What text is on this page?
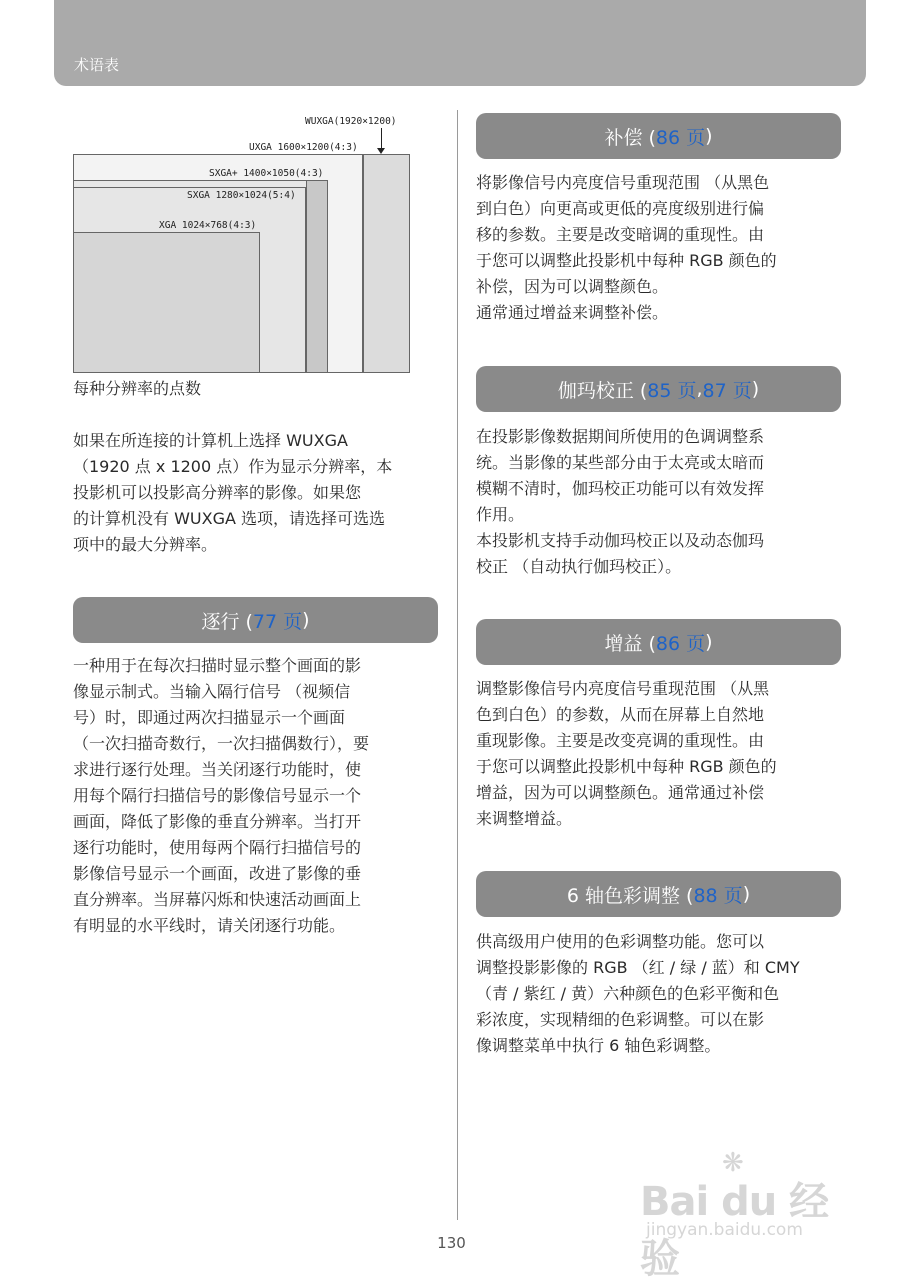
术语表
WUXGA(1920×1200)
UXGA 1600×1200(4:3)
SXGA+ 1400×1050(4:3)
SXGA 1280×1024(5:4)
XGA 1024×768(4:3)
每种分辨率的点数

如果在所连接的计算机上选择 WUXGA
（1920 点 x 1200 点）作为显示分辨率，本
投影机可以投影高分辨率的影像。如果您
的计算机没有 WUXGA 选项，请选择可选选
项中的最大分辨率。

逐行 ( 77 页 )

一种用于在每次扫描时显示整个画面的影
像显示制式。当输入隔行信号 （视频信
号）时，即通过两次扫描显示一个画面
（一次扫描奇数行，一次扫描偶数行），要
求进行逐行处理。当关闭逐行功能时，使
用每个隔行扫描信号的影像信号显示一个
画面，降低了影像的垂直分辨率。当打开
逐行功能时，使用每两个隔行扫描信号的
影像信号显示一个画面，改进了影像的垂
直分辨率。当屏幕闪烁和快速活动画面上
有明显的水平线时，请关闭逐行功能。

补偿 ( 86 页 )

将影像信号内亮度信号重现范围 （从黑色
到白色）向更高或更低的亮度级别进行偏
移的参数。主要是改变暗调的重现性。由
于您可以调整此投影机中每种 RGB 颜色的
补偿，因为可以调整颜色。
通常通过增益来调整补偿。

伽玛校正 ( 85 页 , 87 页 )

在投影影像数据期间所使用的色调调整系
统。当影像的某些部分由于太亮或太暗而
模糊不清时，伽玛校正功能可以有效发挥
作用。
本投影机支持手动伽玛校正以及动态伽玛
校正 （自动执行伽玛校正）。

增益 ( 86 页 )

调整影像信号内亮度信号重现范围 （从黑
色到白色）的参数，从而在屏幕上自然地
重现影像。主要是改变亮调的重现性。由
于您可以调整此投影机中每种 RGB 颜色的
增益，因为可以调整颜色。通常通过补偿
来调整增益。

6 轴色彩调整 ( 88 页 )

供高级用户使用的色彩调整功能。您可以
调整投影影像的 RGB （红 / 绿 / 蓝）和 CMY
（青 / 紫红 / 黄）六种颜色的色彩平衡和色
彩浓度，实现精细的色彩调整。可以在影
像调整菜单中执行 6 轴色彩调整。

❋
Bai du 经验
jingyan.baidu.com
130
